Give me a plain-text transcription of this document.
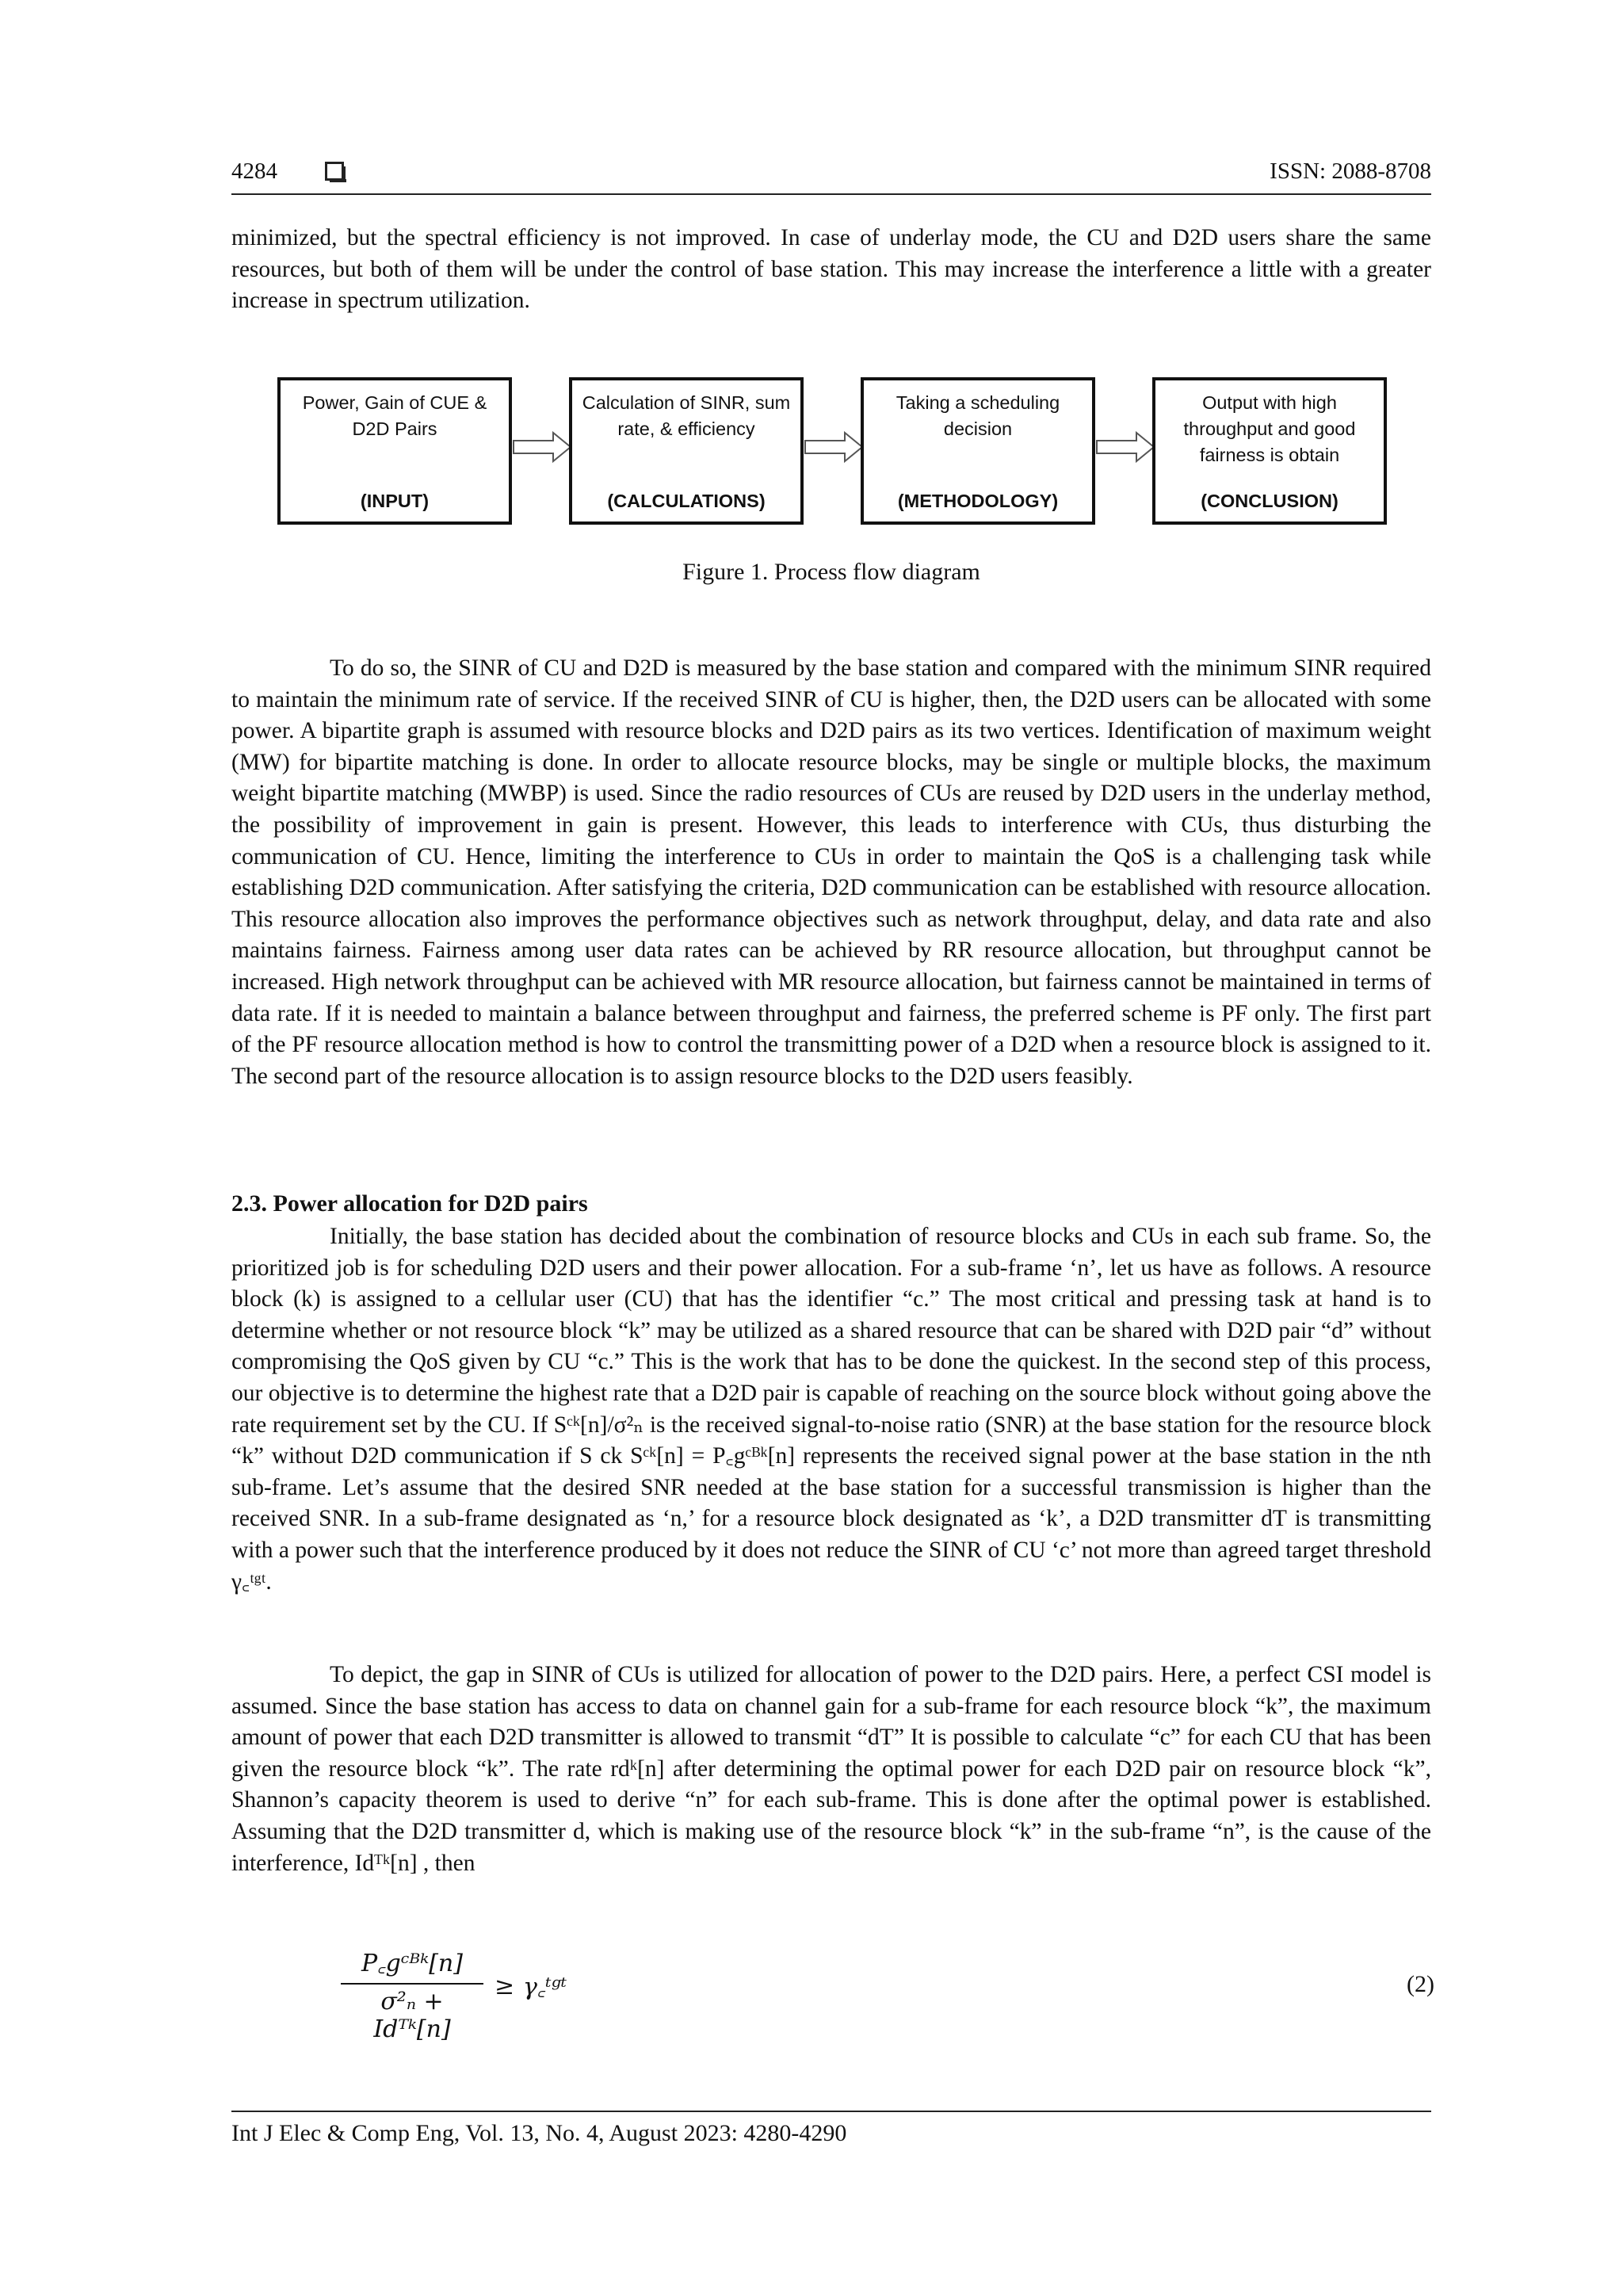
4284	ISSN: 2088-8708

minimized, but the spectral efficiency is not improved. In case of underlay mode, the CU and D2D users share the same resources, but both of them will be under the control of base station. This may increase the interference a little with a greater increase in spectrum utilization.

Power, Gain of CUE & D2D Pairs
(INPUT)
Calculation of SINR, sum rate, & efficiency
(CALCULATIONS)
Taking a scheduling decision
(METHODOLOGY)
Output with high throughput and good fairness is obtain
(CONCLUSION)
Figure 1. Process flow diagram

To do so, the SINR of CU and D2D is measured by the base station and compared with the minimum SINR required to maintain the minimum rate of service. If the received SINR of CU is higher, then, the D2D users can be allocated with some power. A bipartite graph is assumed with resource blocks and D2D pairs as its two vertices. Identification of maximum weight (MW) for bipartite matching is done. In order to allocate resource blocks, may be single or multiple blocks, the maximum weight bipartite matching (MWBP) is used. Since the radio resources of CUs are reused by D2D users in the underlay method, the possibility of improvement in gain is present. However, this leads to interference with CUs, thus disturbing the communication of CU. Hence, limiting the interference to CUs in order to maintain the QoS is a challenging task while establishing D2D communication. After satisfying the criteria, D2D communication can be established with resource allocation. This resource allocation also improves the performance objectives such as network throughput, delay, and data rate and also maintains fairness. Fairness among user data rates can be achieved by RR resource allocation, but throughput cannot be increased. High network throughput can be achieved with MR resource allocation, but fairness cannot be maintained in terms of data rate. If it is needed to maintain a balance between throughput and fairness, the preferred scheme is PF only. The first part of the PF resource allocation method is how to control the transmitting power of a D2D when a resource block is assigned to it. The second part of the resource allocation is to assign resource blocks to the D2D users feasibly.

2.3. Power allocation for D2D pairs

Initially, the base station has decided about the combination of resource blocks and CUs in each sub frame. So, the prioritized job is for scheduling D2D users and their power allocation. For a sub-frame ‘n’, let us have as follows. A resource block (k) is assigned to a cellular user (CU) that has the identifier “c.” The most critical and pressing task at hand is to determine whether or not resource block “k” may be utilized as a shared resource that can be shared with D2D pair “d” without compromising the QoS given by CU “c.” This is the work that has to be done the quickest. In the second step of this process, our objective is to determine the highest rate that a D2D pair is capable of reaching on the source block without going above the rate requirement set by the CU. If Sᶜᵏ[n]/σ²ₙ is the received signal-to-noise ratio (SNR) at the base station for the resource block “k” without D2D communication if S ck Sᶜᵏ[n] = P꜀gᶜᴮᵏ[n] represents the received signal power at the base station in the nth sub-frame. Let’s assume that the desired SNR needed at the base station for a successful transmission is higher than the received SNR. In a sub-frame designated as ‘n,’ for a resource block designated as ‘k’, a D2D transmitter dT is transmitting with a power such that the interference produced by it does not reduce the SINR of CU ‘c’ not more than agreed target threshold γ꜀ᵗᵍᵗ.

To depict, the gap in SINR of CUs is utilized for allocation of power to the D2D pairs. Here, a perfect CSI model is assumed. Since the base station has access to data on channel gain for a sub-frame for each resource block “k”, the maximum amount of power that each D2D transmitter is allowed to transmit “dT” It is possible to calculate “c” for each CU that has been given the resource block “k”. The rate rdᵏ[n] after determining the optimal power for each D2D pair on resource block “k”, Shannon’s capacity theorem is used to derive “n” for each sub-frame. This is done after the optimal power is established. Assuming that the D2D transmitter d, which is making use of the resource block “k” in the sub-frame “n”, is the cause of the interference, Idᵀᵏ[n] , then

P꜀gᶜᴮᵏ[n]
σ²ₙ + Idᵀᵏ[n]
≥ γ꜀ᵗᵍᵗ	(2)
Int J Elec & Comp Eng, Vol. 13, No. 4, August 2023: 4280-4290
